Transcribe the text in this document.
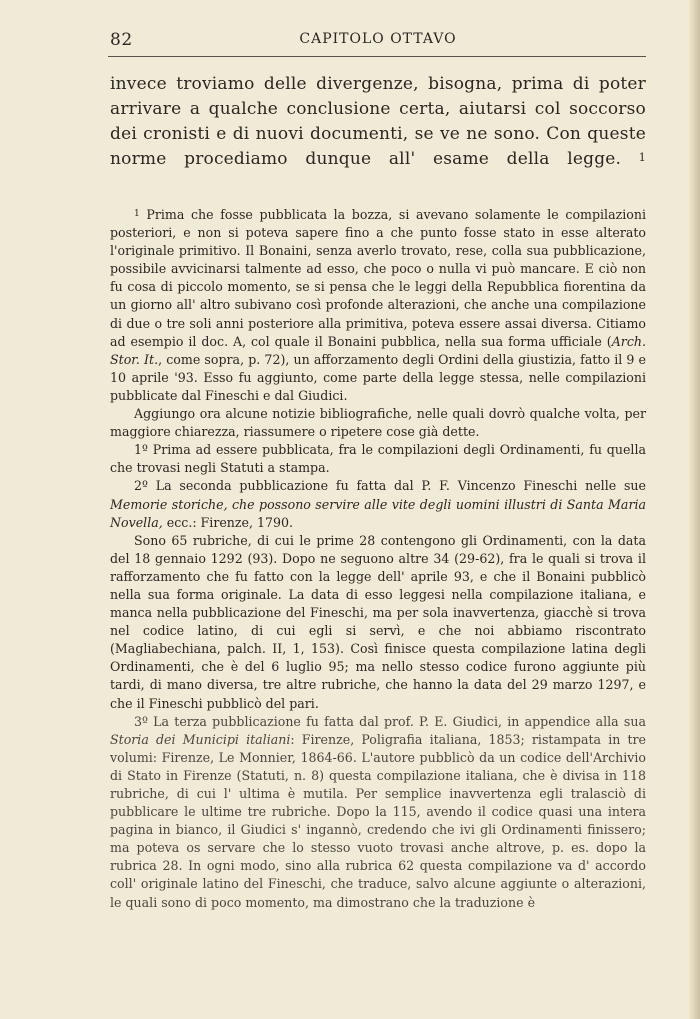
82	CAPITOLO OTTAVO

invece troviamo delle divergenze, bisogna, prima di poter arrivare a qualche conclusione certa, aiutarsi col soccorso dei cronisti e di nuovi documenti, se ve ne sono. Con queste norme procediamo dunque all' esame della legge. $^1$

$^1$ Prima che fosse pubblicata la bozza, si avevano solamente le compilazioni posteriori, e non si poteva sapere fino a che punto fosse stato in esse alterato l'originale primitivo. Il Bonaini, senza averlo trovato, rese, colla sua pubblicazione, possibile avvicinarsi talmente ad esso, che poco o nulla vi può mancare. E ciò non fu cosa di piccolo momento, se si pensa che le leggi della Repubblica fiorentina da un giorno all' altro subivano così profonde alterazioni, che anche una compilazione di due o tre soli anni posteriore alla primitiva, poteva essere assai diversa. Citiamo ad esempio il doc. A, col quale il Bonaini pubblica, nella sua forma ufficiale (Arch. Stor. It., come sopra, p. 72), un afforzamento degli Ordini della giustizia, fatto il 9 e 10 aprile '93. Esso fu aggiunto, come parte della legge stessa, nelle compilazioni pubblicate dal Fineschi e dal Giudici.

Aggiungo ora alcune notizie bibliografiche, nelle quali dovrò qualche volta, per maggiore chiarezza, riassumere o ripetere cose già dette.

1º Prima ad essere pubblicata, fra le compilazioni degli Ordinamenti, fu quella che trovasi negli Statuti a stampa.

2º La seconda pubblicazione fu fatta dal P. F. Vincenzo Fineschi nelle sue Memorie storiche, che possono servire alle vite degli uomini illustri di Santa Maria Novella, ecc.: Firenze, 1790.

Sono 65 rubriche, di cui le prime 28 contengono gli Ordinamenti, con la data del 18 gennaio 1292 (93). Dopo ne seguono altre 34 (29-62), fra le quali si trova il rafforzamento che fu fatto con la legge dell' aprile 93, e che il Bonaini pubblicò nella sua forma originale. La data di esso leggesi nella compilazione italiana, e manca nella pubblicazione del Fineschi, ma per sola inavvertenza, giacchè si trova nel codice latino, di cui egli si servì, e che noi abbiamo riscontrato (Magliabechiana, palch. II, 1, 153). Così finisce questa compilazione latina degli Ordinamenti, che è del 6 luglio 95; ma nello stesso codice furono aggiunte più tardi, di mano diversa, tre altre rubriche, che hanno la data del 29 marzo 1297, e che il Fineschi pubblicò del pari.

3º La terza pubblicazione fu fatta dal prof. P. E. Giudici, in appendice alla sua Storia dei Municipi italiani: Firenze, Poligrafia italiana, 1853; ristampata in tre volumi: Firenze, Le Monnier, 1864-66. L'autore pubblicò da un codice dell'Archivio di Stato in Firenze (Statuti, n. 8) questa compilazione italiana, che è divisa in 118 rubriche, di cui l' ultima è mutila. Per semplice inavvertenza egli tralasciò di pubblicare le ultime tre rubriche. Dopo la 115, avendo il codice quasi una intera pagina in bianco, il Giudici s' ingannò, credendo che ivi gli Ordinamenti finissero; ma poteva os servare che lo stesso vuoto trovasi anche altrove, p. es. dopo la rubrica 28. In ogni modo, sino alla rubrica 62 questa compilazione va d' accordo coll' originale latino del Fineschi, che traduce, salvo alcune aggiunte o alterazioni, le quali sono di poco momento, ma dimostrano che la traduzione è
